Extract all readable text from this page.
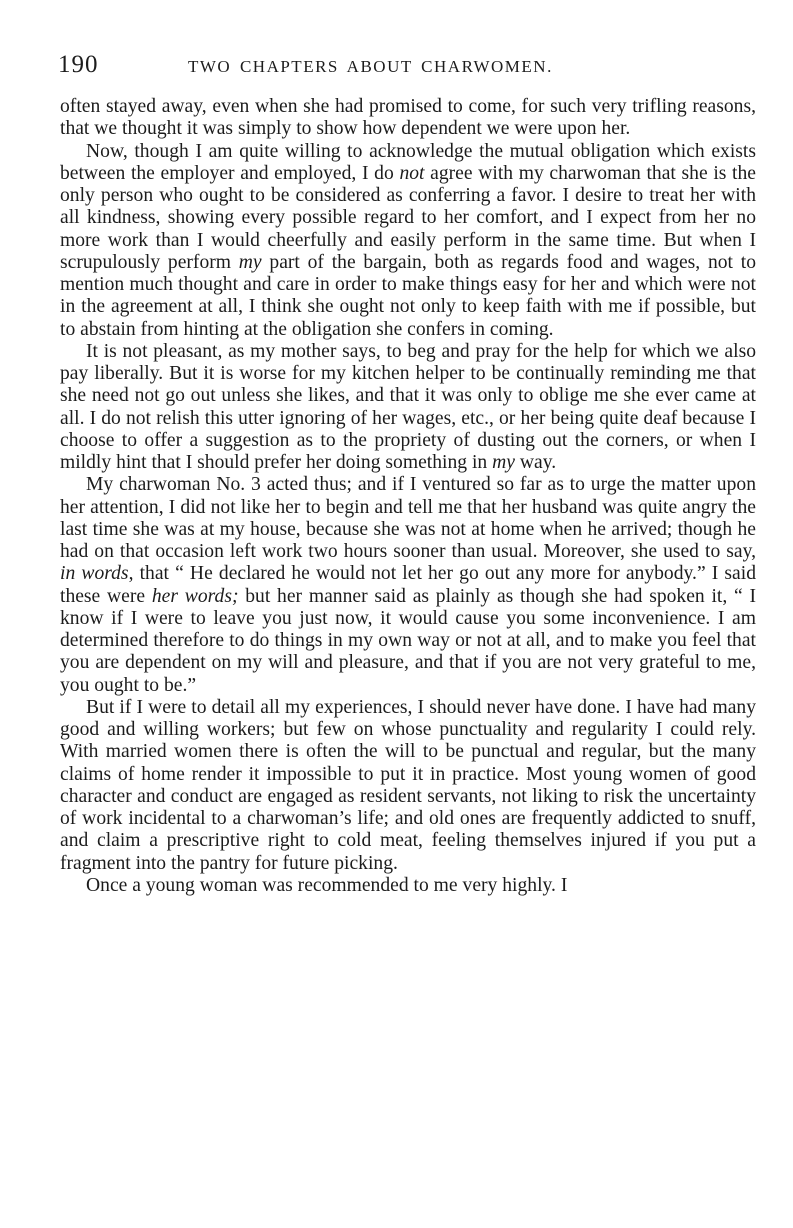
190	TWO CHAPTERS ABOUT CHARWOMEN.

often stayed away, even when she had promised to come, for such very trifling reasons, that we thought it was simply to show how dependent we were upon her.

Now, though I am quite willing to acknowledge the mutual obligation which exists between the employer and employed, I do not agree with my charwoman that she is the only person who ought to be considered as conferring a favor. I desire to treat her with all kindness, showing every possible regard to her comfort, and I expect from her no more work than I would cheerfully and easily perform in the same time. But when I scrupulously perform my part of the bargain, both as regards food and wages, not to mention much thought and care in order to make things easy for her and which were not in the agreement at all, I think she ought not only to keep faith with me if possible, but to abstain from hinting at the obligation she confers in coming.

It is not pleasant, as my mother says, to beg and pray for the help for which we also pay liberally. But it is worse for my kitchen helper to be continually reminding me that she need not go out unless she likes, and that it was only to oblige me she ever came at all. I do not relish this utter ignoring of her wages, etc., or her being quite deaf because I choose to offer a suggestion as to the propriety of dusting out the corners, or when I mildly hint that I should prefer her doing something in my way.

My charwoman No. 3 acted thus; and if I ventured so far as to urge the matter upon her attention, I did not like her to begin and tell me that her husband was quite angry the last time she was at my house, because she was not at home when he arrived; though he had on that occasion left work two hours sooner than usual. Moreover, she used to say, in words, that “ He declared he would not let her go out any more for anybody.” I said these were her words; but her manner said as plainly as though she had spoken it, “ I know if I were to leave you just now, it would cause you some inconvenience. I am determined therefore to do things in my own way or not at all, and to make you feel that you are dependent on my will and pleasure, and that if you are not very grateful to me, you ought to be.”

But if I were to detail all my experiences, I should never have done. I have had many good and willing workers; but few on whose punctuality and regularity I could rely. With married women there is often the will to be punctual and regular, but the many claims of home render it impossible to put it in practice. Most young women of good character and conduct are engaged as resident servants, not liking to risk the uncertainty of work incidental to a charwoman’s life; and old ones are frequently addicted to snuff, and claim a prescriptive right to cold meat, feeling themselves injured if you put a fragment into the pantry for future picking.

Once a young woman was recommended to me very highly. I
